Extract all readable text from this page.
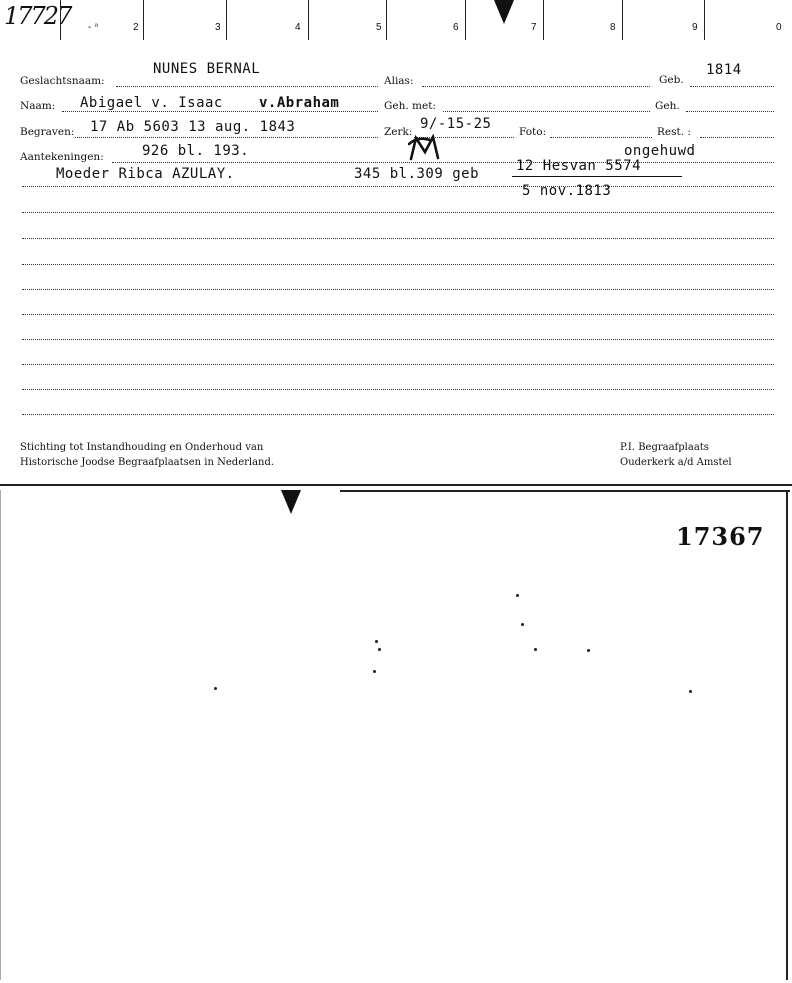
17727 - ᵃ	2	3	4	5	6	7	8	9	0
Geslachtsnaam:
NUNES BERNAL
Alias:	Geb.
1814
Naam: Abigael v. Isaac	v.Abraham	Geh. met:	Geh.
Begraven: 17 Ab 5603 13 aug. 1843	Zerk: 9/-15-25	Foto:	Rest. :
Aantekeningen:	926 bl. 193.	ongehuwd
Moeder Ribca AZULAY.	345 bl.309 geb	12 Hesvan 5574
5 nov.1813
Stichting tot Instandhouding en Onderhoud van
Historische Joodse Begraafplaatsen in Nederland.
P.I. Begraafplaats
Ouderkerk a/d Amstel
17367
